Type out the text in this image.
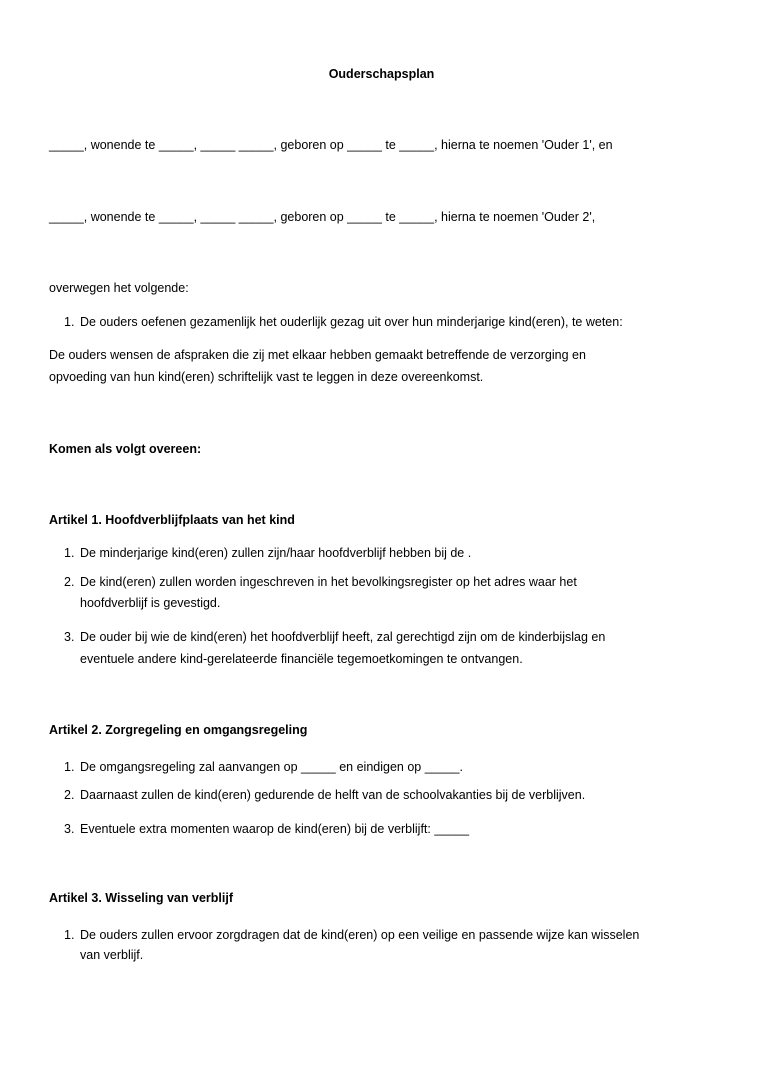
Ouderschapsplan
_____, wonende te _____, _____ _____, geboren op _____ te _____, hierna te noemen 'Ouder 1', en
_____, wonende te _____, _____ _____, geboren op _____ te _____, hierna te noemen 'Ouder 2',
overwegen het volgende:
1. De ouders oefenen gezamenlijk het ouderlijk gezag uit over hun minderjarige kind(eren), te weten:
De ouders wensen de afspraken die zij met elkaar hebben gemaakt betreffende de verzorging en
opvoeding van hun kind(eren) schriftelijk vast te leggen in deze overeenkomst.
Komen als volgt overeen:
Artikel 1. Hoofdverblijfplaats van het kind
1. De minderjarige kind(eren) zullen zijn/haar hoofdverblijf hebben bij de .
2. De kind(eren) zullen worden ingeschreven in het bevolkingsregister op het adres waar het
hoofdverblijf is gevestigd.
3. De ouder bij wie de kind(eren) het hoofdverblijf heeft, zal gerechtigd zijn om de kinderbijslag en
eventuele andere kind-gerelateerde financiële tegemoetkomingen te ontvangen.
Artikel 2. Zorgregeling en omgangsregeling
1. De omgangsregeling zal aanvangen op _____ en eindigen op _____.
2. Daarnaast zullen de kind(eren) gedurende de helft van de schoolvakanties bij de verblijven.
3. Eventuele extra momenten waarop de kind(eren) bij de verblijft: _____
Artikel 3. Wisseling van verblijf
1. De ouders zullen ervoor zorgdragen dat de kind(eren) op een veilige en passende wijze kan wisselen
van verblijf.
